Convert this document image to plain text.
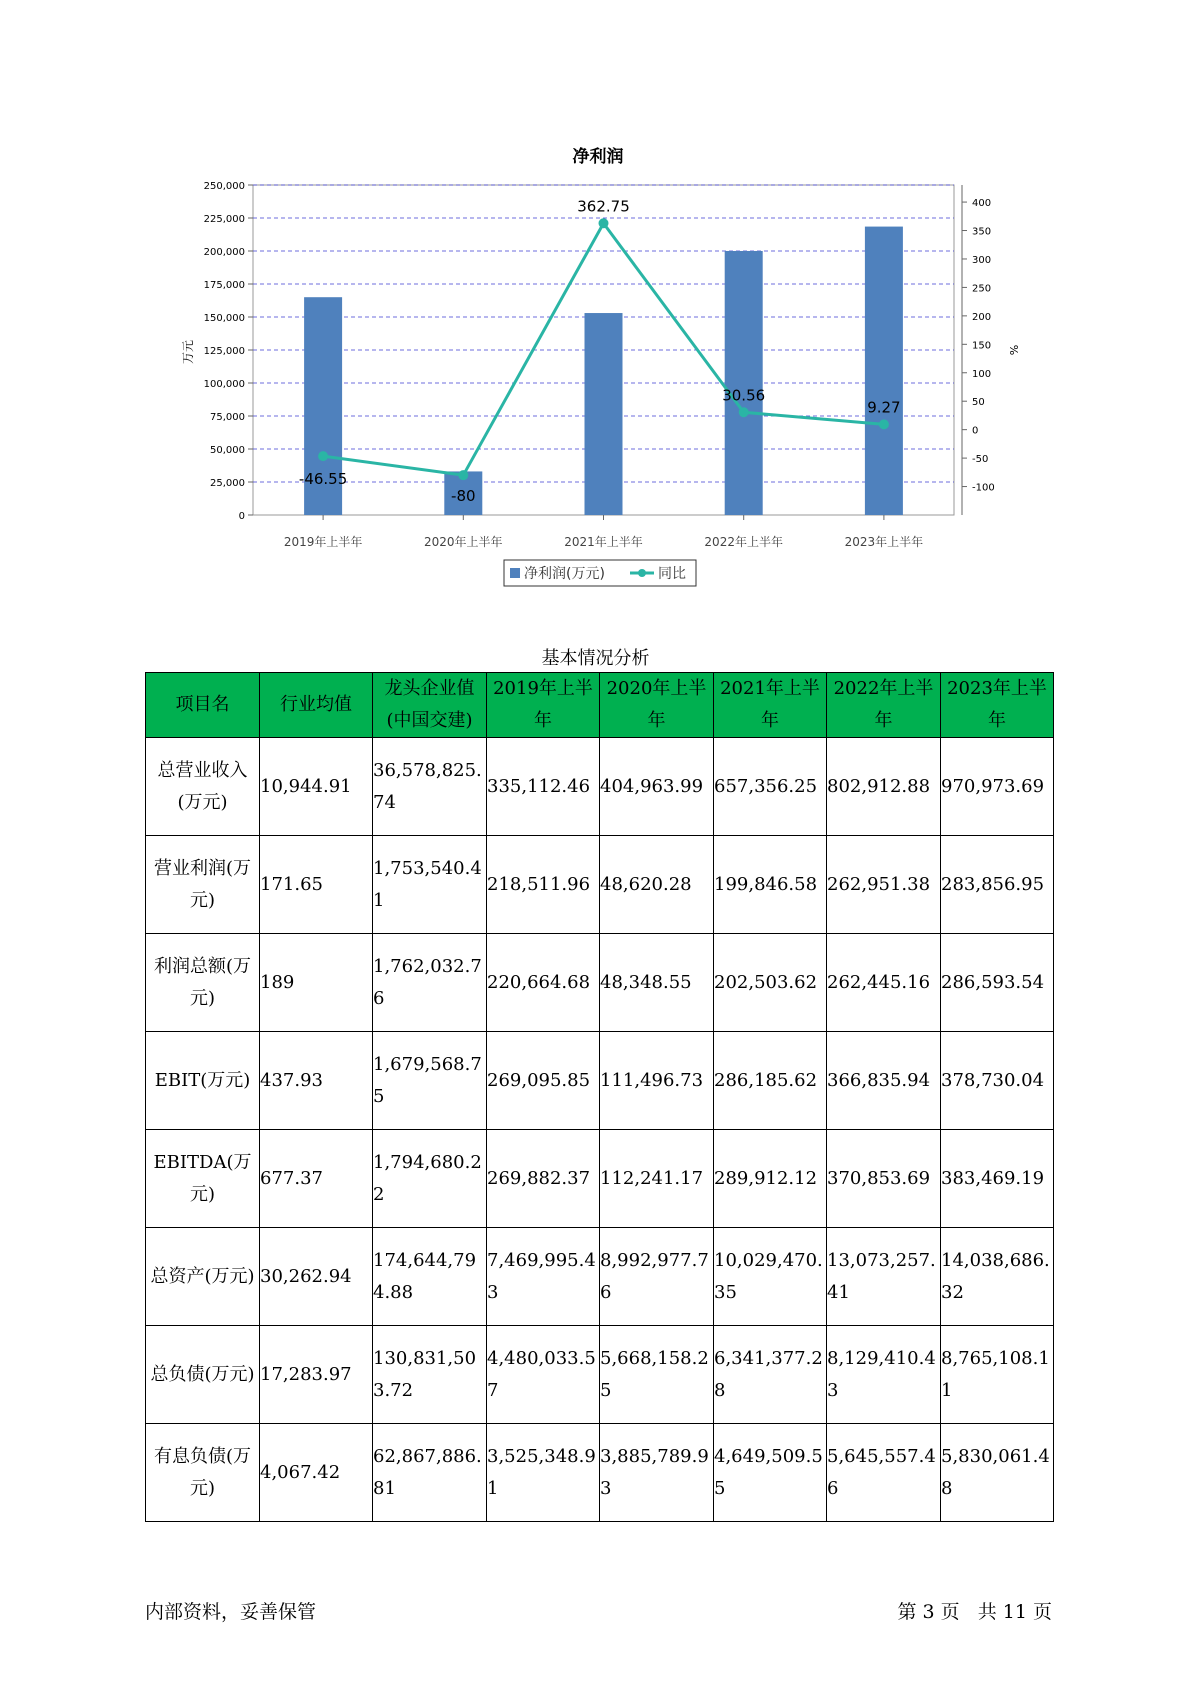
净利润
0
25,000
50,000
75,000
100,000
125,000
150,000
175,000
200,000
225,000
250,000
万元
-100
-50
0
50
100
150
200
250
300
350
400
%
2019年上半年	2020年上半年	2021年上半年	2022年上半年	2023年上半年
-46.55
-80
362.75
30.56
9.27
净利润(万元)	同比
基本情况分析
项目名	行业均值	龙头企业值(中国交建)	2019年上半年	2020年上半年	2021年上半年	2022年上半年	2023年上半年
总营业收入(万元)	10,944.91	36,578,825.74	335,112.46	404,963.99	657,356.25	802,912.88	970,973.69
营业利润(万元)	171.65	1,753,540.41	218,511.96	48,620.28	199,846.58	262,951.38	283,856.95
利润总额(万元)	189	1,762,032.76	220,664.68	48,348.55	202,503.62	262,445.16	286,593.54
EBIT(万元)	437.93	1,679,568.75	269,095.85	111,496.73	286,185.62	366,835.94	378,730.04
EBITDA(万元)	677.37	1,794,680.22	269,882.37	112,241.17	289,912.12	370,853.69	383,469.19
总资产(万元)	30,262.94	174,644,794.88	7,469,995.43	8,992,977.76	10,029,470.35	13,073,257.41	14,038,686.32
总负债(万元)	17,283.97	130,831,503.72	4,480,033.57	5,668,158.25	6,341,377.28	8,129,410.43	8,765,108.11
有息负债(万元)	4,067.42	62,867,886.81	3,525,348.91	3,885,789.93	4,649,509.55	5,645,557.46	5,830,061.48
内部资料，妥善保管	第 3 页   共 11 页
